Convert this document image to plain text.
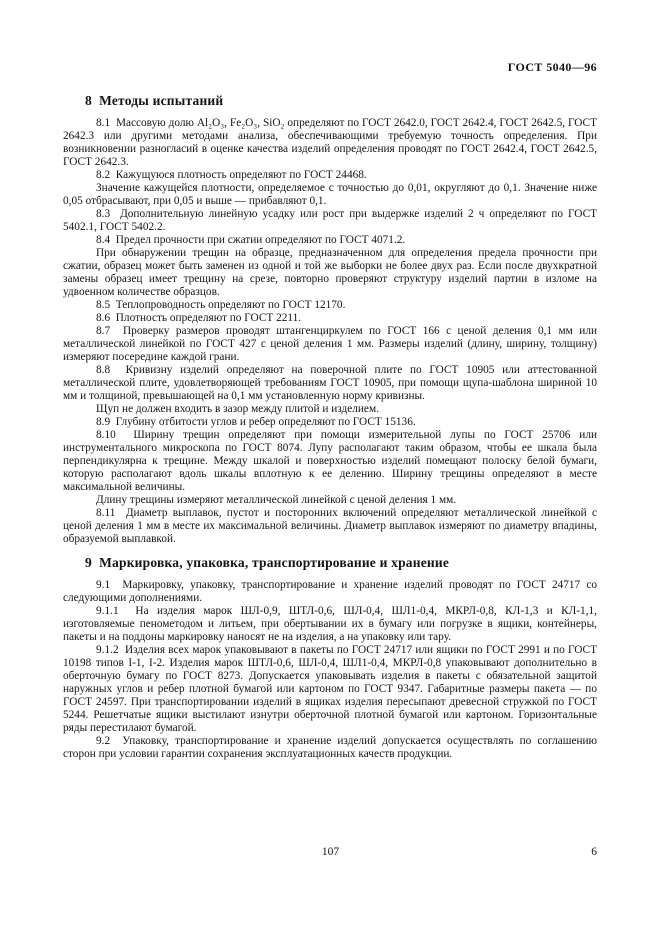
ГОСТ 5040—96
8  Методы испытаний

8.1  Массовую долю Al₂O₃, Fe₂O₃, SiO₂ определяют по ГОСТ 2642.0, ГОСТ 2642.4, ГОСТ 2642.5, ГОСТ 2642.3 или другими методами анализа, обеспечивающими требуемую точность определения. При возникновении разногласий в оценке качества изделий определения проводят по ГОСТ 2642.4, ГОСТ 2642.5, ГОСТ 2642.3.

8.2  Кажущуюся плотность определяют по ГОСТ 24468.

Значение кажущейся плотности, определяемое с точностью до 0,01, округляют до 0,1. Значение ниже 0,05 отбрасывают, при 0,05 и выше — прибавляют 0,1.

8.3  Дополнительную линейную усадку или рост при выдержке изделий 2 ч определяют по ГОСТ 5402.1, ГОСТ 5402.2.

8.4  Предел прочности при сжатии определяют по ГОСТ 4071.2.

При обнаружении трещин на образце, предназначенном для определения предела прочности при сжатии, образец может быть заменен из одной и той же выборки не более двух раз. Если после двухкратной замены образец имеет трещину на срезе, повторно проверяют структуру изделий партии в изломе на удвоенном количестве образцов.

8.5  Теплопроводность определяют по ГОСТ 12170.

8.6  Плотность определяют по ГОСТ 2211.

8.7  Проверку размеров проводят штангенциркулем по ГОСТ 166 с ценой деления 0,1 мм или металлической линейкой по ГОСТ 427 с ценой деления 1 мм. Размеры изделий (длину, ширину, толщину) измеряют посередине каждой грани.

8.8  Кривизну изделий определяют на поверочной плите по ГОСТ 10905 или аттестованной металлической плите, удовлетворяющей требованиям ГОСТ 10905, при помощи щупа-шаблона шириной 10 мм и толщиной, превышающей на 0,1 мм установленную норму кривизны.

Щуп не должен входить в зазор между плитой и изделием.

8.9  Глубину отбитости углов и ребер определяют по ГОСТ 15136.

8.10  Ширину трещин определяют при помощи измерительной лупы по ГОСТ 25706 или инструментального микроскопа по ГОСТ 8074. Лупу располагают таким образом, чтобы ее шкала была перпендикулярна к трещине. Между шкалой и поверхностью изделий помещают полоску белой бумаги, которую располагают вдоль шкалы вплотную к ее делению. Ширину трещины определяют в месте максимальной величины.

Длину трещины измеряют металлической линейкой с ценой деления 1 мм.

8.11  Диаметр выплавок, пустот и посторонних включений определяют металлической линейкой с ценой деления 1 мм в месте их максимальной величины. Диаметр выплавок измеряют по диаметру впадины, образуемой выплавкой.

9  Маркировка, упаковка, транспортирование и хранение

9.1  Маркировку, упаковку, транспортирование и хранение изделий проводят по ГОСТ 24717 со следующими дополнениями.

9.1.1  На изделия марок ШЛ-0,9, ШТЛ-0,6, ШЛ-0,4, ШЛ1-0,4, МКРЛ-0,8, КЛ-1,3 и КЛ-1,1, изготовляемые пенометодом и литьем, при обертывании их в бумагу или погрузке в ящики, контейнеры, пакеты и на поддоны маркировку наносят не на изделия, а на упаковку или тару.

9.1.2  Изделия всех марок упаковывают в пакеты по ГОСТ 24717 или ящики по ГОСТ 2991 и по ГОСТ 10198 типов I-1, I-2. Изделия марок ШТЛ-0,6, ШЛ-0,4, ШЛ1-0,4, МКРЛ-0,8 упаковывают дополнительно в оберточную бумагу по ГОСТ 8273. Допускается упаковывать изделия в пакеты с обязательной защитой наружных углов и ребер плотной бумагой или картоном по ГОСТ 9347. Габаритные размеры пакета — по ГОСТ 24597. При транспортировании изделий в ящиках изделия пересыпают древесной стружкой по ГОСТ 5244. Решетчатые ящики выстилают изнутри оберточной плотной бумагой или картоном. Горизонтальные ряды перестилают бумагой.

9.2  Упаковку, транспортирование и хранение изделий допускается осуществлять по соглашению сторон при условии гарантии сохранения эксплуатационных качеств продукции.

107	6
